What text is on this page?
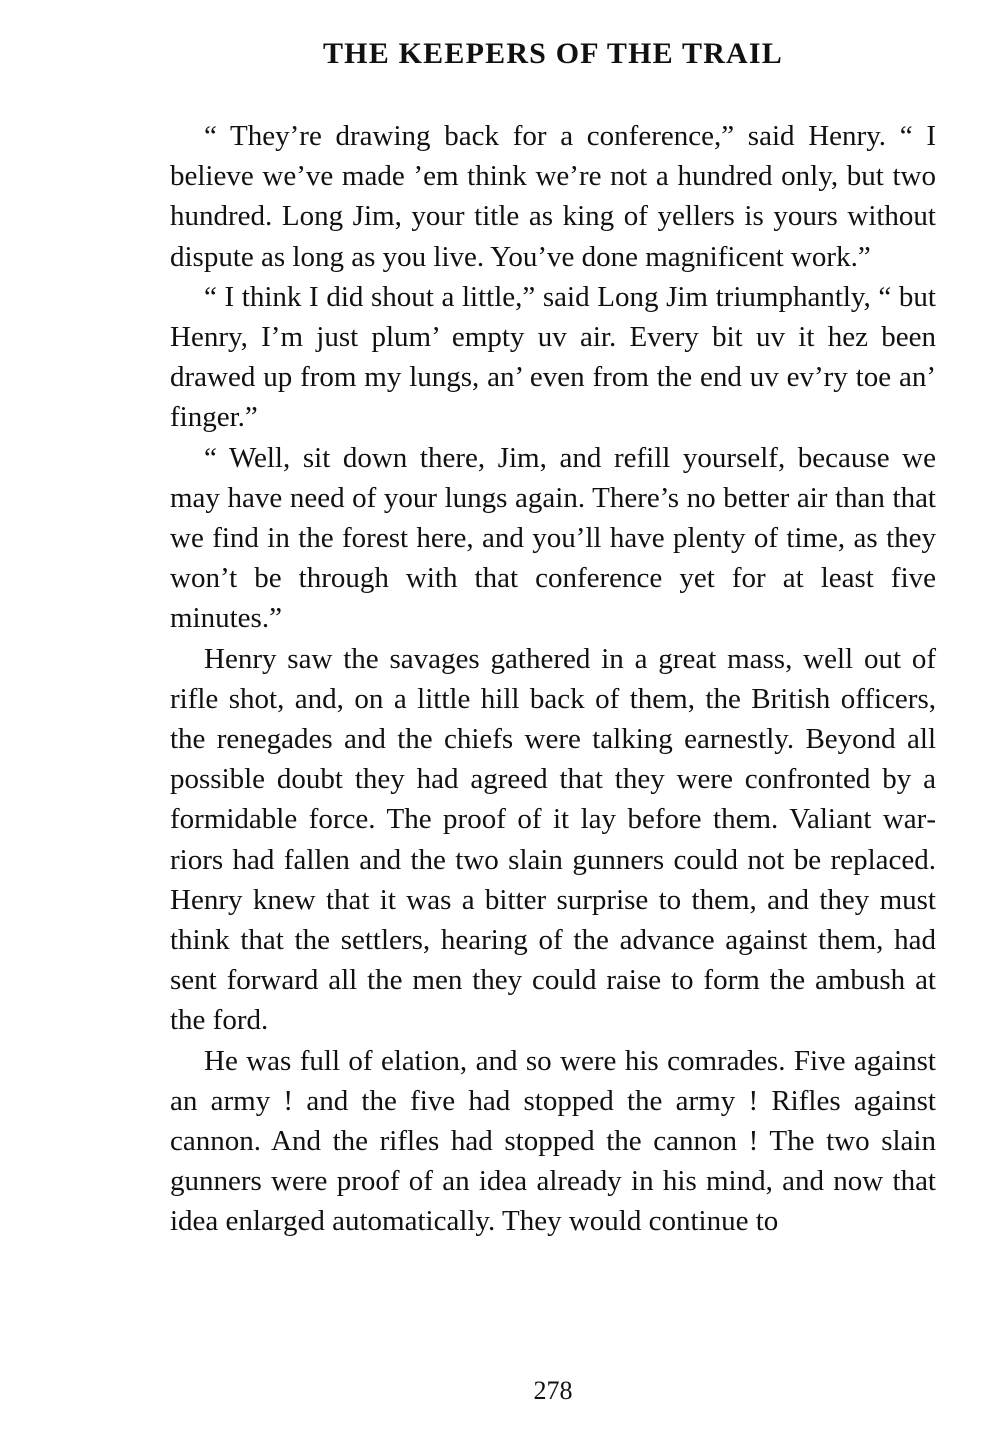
THE KEEPERS OF THE TRAIL

“ They’re drawing back for a conference,” said Henry. “ I believe we’ve made ’em think we’re not a hundred only, but two hundred. Long Jim, your title as king of yellers is yours without dispute as long as you live. You’ve done magnificent work.”

“ I think I did shout a little,” said Long Jim triumphantly, “ but Henry, I’m just plum’ empty uv air. Every bit uv it hez been drawed up from my lungs, an’ even from the end uv ev’ry toe an’ finger.”

“ Well, sit down there, Jim, and refill yourself, because we may have need of your lungs again. There’s no better air than that we find in the forest here, and you’ll have plenty of time, as they won’t be through with that conference yet for at least five minutes.”

Henry saw the savages gathered in a great mass, well out of rifle shot, and, on a little hill back of them, the British officers, the renegades and the chiefs were talking earnestly. Beyond all possible doubt they had agreed that they were confronted by a formidable force. The proof of it lay before them. Valiant warriors had fallen and the two slain gunners could not be replaced. Henry knew that it was a bitter surprise to them, and they must think that the settlers, hearing of the advance against them, had sent forward all the men they could raise to form the ambush at the ford.

He was full of elation, and so were his comrades. Five against an army ! and the five had stopped the army ! Rifles against cannon. And the rifles had stopped the cannon ! The two slain gunners were proof of an idea already in his mind, and now that idea enlarged automatically. They would continue to

278
